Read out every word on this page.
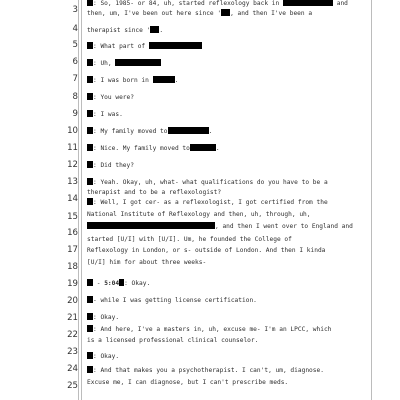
3
4
5
6
7
8
9
10
11
12
13
14
15
16
17
18
19
20
21
22
23
24
25
: So, 1985- or 84, uh, started reflexology back in	and
then, um, I've been out here since ' , and then I've been a
therapist since ' .
: What part of
: Uh,
: I was born in	.
: You were?
: I was.
: My family moved to	.
: Nice. My family moved to	.
: Did they?
: Yeah. Okay, uh, what- what qualifications do you have to be a
therapist and to be a reflexologist?
: Well, I got cer- as a reflexologist, I got certified from the
National Institute of Reflexology and then, uh, through, uh,
, and then I went over to England and
started [U/I] with [U/I]. Um, he founded the College of
Reflexology in London, or s- outside of London. And then I kinda
[U/I] him for about three weeks-
- 5:04 : Okay.
- while I was getting license certification.
: Okay.
: And here, I've a masters in, uh, excuse me- I'm an LPCC, which
is a licensed professional clinical counselor.
: Okay.
: And that makes you a psychotherapist. I can't, um, diagnose.
Excuse me, I can diagnose, but I can't prescribe meds.
